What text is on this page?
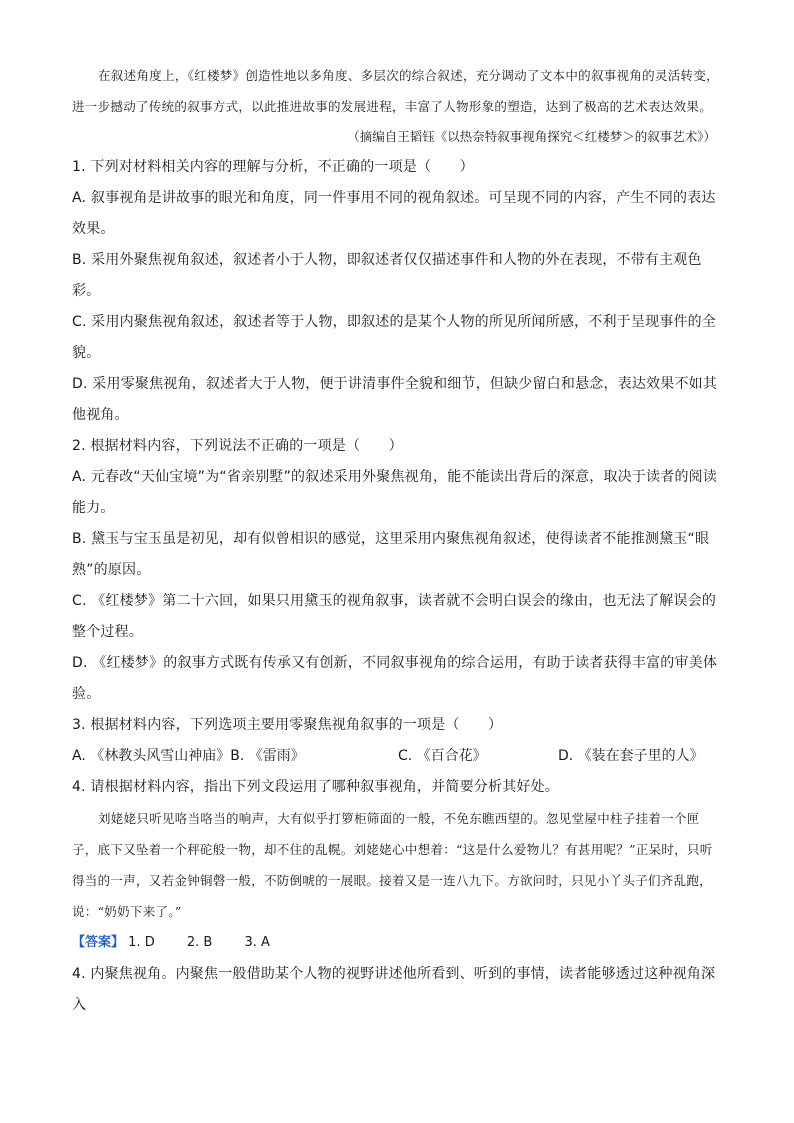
在叙述角度上，《红楼梦》创造性地以多角度、多层次的综合叙述，充分调动了文本中的叙事视角的灵活转变，进一步撼动了传统的叙事方式，以此推进故事的发展进程，丰富了人物形象的塑造，达到了极高的艺术表达效果。

（摘编自王韬钰《以热奈特叙事视角探究＜红楼梦＞的叙事艺术》）

1. 下列对材料相关内容的理解与分析，不正确的一项是（　　）

A. 叙事视角是讲故事的眼光和角度，同一件事用不同的视角叙述。可呈现不同的内容，产生不同的表达效果。

B. 采用外聚焦视角叙述，叙述者小于人物，即叙述者仅仅描述事件和人物的外在表现，不带有主观色彩。

C. 采用内聚焦视角叙述，叙述者等于人物，即叙述的是某个人物的所见所闻所感，不利于呈现事件的全貌。

D. 采用零聚焦视角，叙述者大于人物，便于讲清事件全貌和细节，但缺少留白和悬念，表达效果不如其他视角。

2. 根据材料内容，下列说法不正确的一项是（　　）

A. 元春改“天仙宝境”为“省亲别墅”的叙述采用外聚焦视角，能不能读出背后的深意，取决于读者的阅读能力。

B. 黛玉与宝玉虽是初见，却有似曾相识的感觉，这里采用内聚焦视角叙述，使得读者不能推测黛玉“眼熟”的原因。

C. 《红楼梦》第二十六回，如果只用黛玉的视角叙事，读者就不会明白误会的缘由，也无法了解误会的整个过程。

D. 《红楼梦》的叙事方式既有传承又有创新，不同叙事视角的综合运用，有助于读者获得丰富的审美体验。

3. 根据材料内容，下列选项主要用零聚焦视角叙事的一项是（　　）

A. 《林教头风雪山神庙》B. 《雷雨》	C. 《百合花》	D. 《装在套子里的人》

4. 请根据材料内容，指出下列文段运用了哪种叙事视角，并简要分析其好处。

刘姥姥只听见咯当咯当的响声，大有似乎打箩柜筛面的一般，不免东瞧西望的。忽见堂屋中柱子挂着一个匣子，底下又坠着一个秤砣般一物，却不住的乱幌。刘姥姥心中想着：“这是什么爱物儿？有甚用呢？”正呆时，只听得当的一声，又若金钟铜磬一般，不防倒唬的一展眼。接着又是一连八九下。方欲问时，只见小丫头子们齐乱跑，说：“奶奶下来了。”

【答案】 1. D 2. B 3. A

4. 内聚焦视角。内聚焦一般借助某个人物的视野讲述他所看到、听到的事情，读者能够透过这种视角深入
